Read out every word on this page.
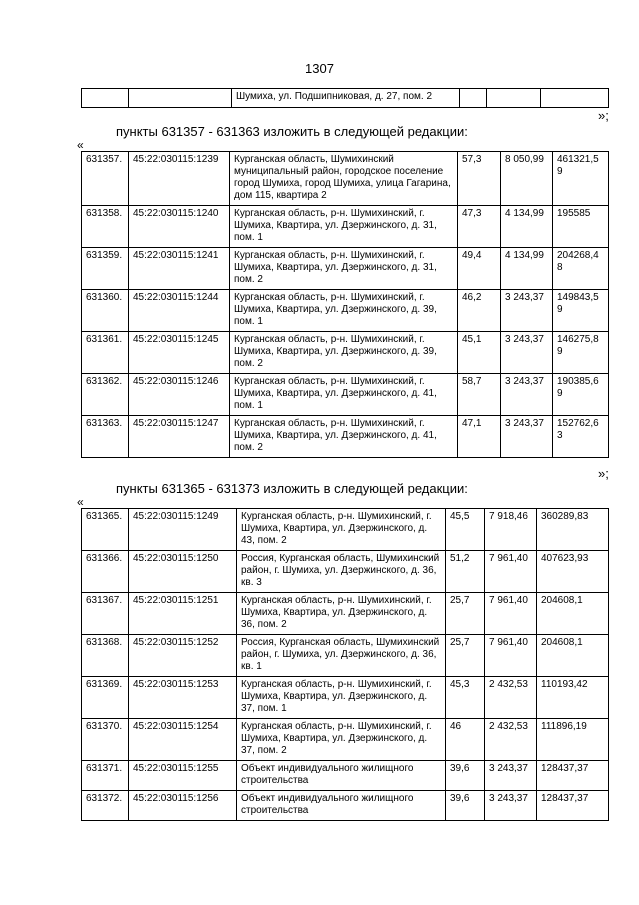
1307
		Шумиха, ул. Подшипниковая, д. 27, пом. 2			
»;
пункты 631357 - 631363 изложить в следующей редакции:
«
631357.	45:22:030115:1239	Курганская область, Шумихинский муниципальный район, городское поселение город Шумиха, город Шумиха, улица Гагарина, дом 115, квартира 2	57,3	8 050,99	461321,59
631358.	45:22:030115:1240	Курганская область, р-н. Шумихинский, г. Шумиха, Квартира, ул. Дзержинского, д. 31, пом. 1	47,3	4 134,99	195585
631359.	45:22:030115:1241	Курганская область, р-н. Шумихинский, г. Шумиха, Квартира, ул. Дзержинского, д. 31, пом. 2	49,4	4 134,99	204268,48
631360.	45:22:030115:1244	Курганская область, р-н. Шумихинский, г. Шумиха, Квартира, ул. Дзержинского, д. 39, пом. 1	46,2	3 243,37	149843,59
631361.	45:22:030115:1245	Курганская область, р-н. Шумихинский, г. Шумиха, Квартира, ул. Дзержинского, д. 39, пом. 2	45,1	3 243,37	146275,89
631362.	45:22:030115:1246	Курганская область, р-н. Шумихинский, г. Шумиха, Квартира, ул. Дзержинского, д. 41, пом. 1	58,7	3 243,37	190385,69
631363.	45:22:030115:1247	Курганская область, р-н. Шумихинский, г. Шумиха, Квартира, ул. Дзержинского, д. 41, пом. 2	47,1	3 243,37	152762,63
»;
пункты 631365 - 631373 изложить в следующей редакции:
«
631365.	45:22:030115:1249	Курганская область, р-н. Шумихинский, г. Шумиха, Квартира, ул. Дзержинского, д. 43, пом. 2	45,5	7 918,46	360289,83
631366.	45:22:030115:1250	Россия, Курганская область, Шумихинский район, г. Шумиха, ул. Дзержинского, д. 36, кв. 3	51,2	7 961,40	407623,93
631367.	45:22:030115:1251	Курганская область, р-н. Шумихинский, г. Шумиха, Квартира, ул. Дзержинского, д. 36, пом. 2	25,7	7 961,40	204608,1
631368.	45:22:030115:1252	Россия, Курганская область, Шумихинский район, г. Шумиха, ул. Дзержинского, д. 36, кв. 1	25,7	7 961,40	204608,1
631369.	45:22:030115:1253	Курганская область, р-н. Шумихинский, г. Шумиха, Квартира, ул. Дзержинского, д. 37, пом. 1	45,3	2 432,53	110193,42
631370.	45:22:030115:1254	Курганская область, р-н. Шумихинский, г. Шумиха, Квартира, ул. Дзержинского, д. 37, пом. 2	46	2 432,53	111896,19
631371.	45:22:030115:1255	Объект индивидуального жилищного строительства	39,6	3 243,37	128437,37
631372.	45:22:030115:1256	Объект индивидуального жилищного строительства	39,6	3 243,37	128437,37
